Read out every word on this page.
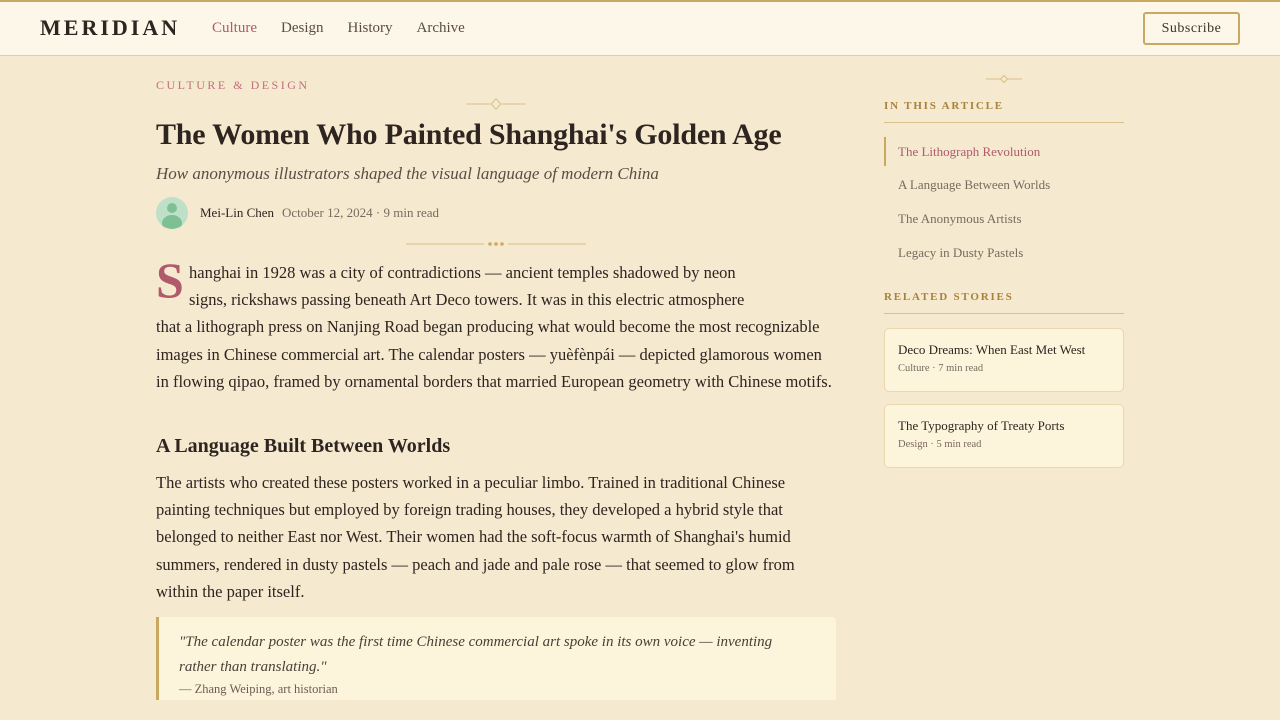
MERIDIAN Culture Design History Archive	Subscribe
CULTURE & DESIGN
The Women Who Painted Shanghai's Golden Age
How anonymous illustrators shaped the visual language of modern China
Mei-Lin Chen October 12, 2024 · 9 min read
S hanghai in 1928 was a city of contradictions — ancient temples shadowed by neon
signs, rickshaws passing beneath Art Deco towers. It was in this electric atmosphere
that a lithograph press on Nanjing Road began producing what would become the most recognizable images in Chinese commercial art. The calendar posters — yuèfènpái — depicted glamorous women in flowing qipao, framed by ornamental borders that married European geometry with Chinese motifs.
A Language Built Between Worlds

The artists who created these posters worked in a peculiar limbo. Trained in traditional Chinese painting techniques but employed by foreign trading houses, they developed a hybrid style that belonged to neither East nor West. Their women had the soft-focus warmth of Shanghai's humid summers, rendered in dusty pastels — peach and jade and pale rose — that seemed to glow from within the paper itself.

"The calendar poster was the first time Chinese commercial art spoke in its own voice — inventing rather than translating."
— Zhang Weiping, art historian
IN THIS ARTICLE
The Lithograph Revolution
A Language Between Worlds
The Anonymous Artists
Legacy in Dusty Pastels
RELATED STORIES
Deco Dreams: When East Met West
Culture · 7 min read
The Typography of Treaty Ports
Design · 5 min read
